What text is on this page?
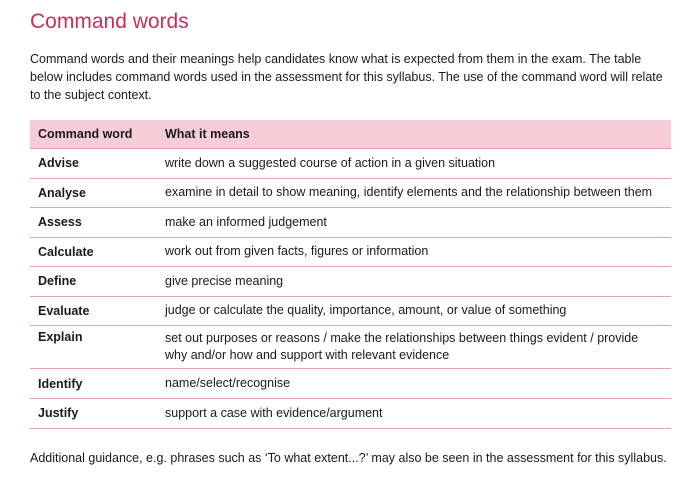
Command words

Command words and their meanings help candidates know what is expected from them in the exam. The table below includes command words used in the assessment for this syllabus. The use of the command word will relate to the subject context.

Command word	What it means
Advise	write down a suggested course of action in a given situation
Analyse	examine in detail to show meaning, identify elements and the relationship between them
Assess	make an informed judgement
Calculate	work out from given facts, figures or information
Define	give precise meaning
Evaluate	judge or calculate the quality, importance, amount, or value of something
Explain	set out purposes or reasons / make the relationships between things evident / provide why and/or how and support with relevant evidence
Identify	name/select/recognise
Justify	support a case with evidence/argument

Additional guidance, e.g. phrases such as ‘To what extent...?’ may also be seen in the assessment for this syllabus.
